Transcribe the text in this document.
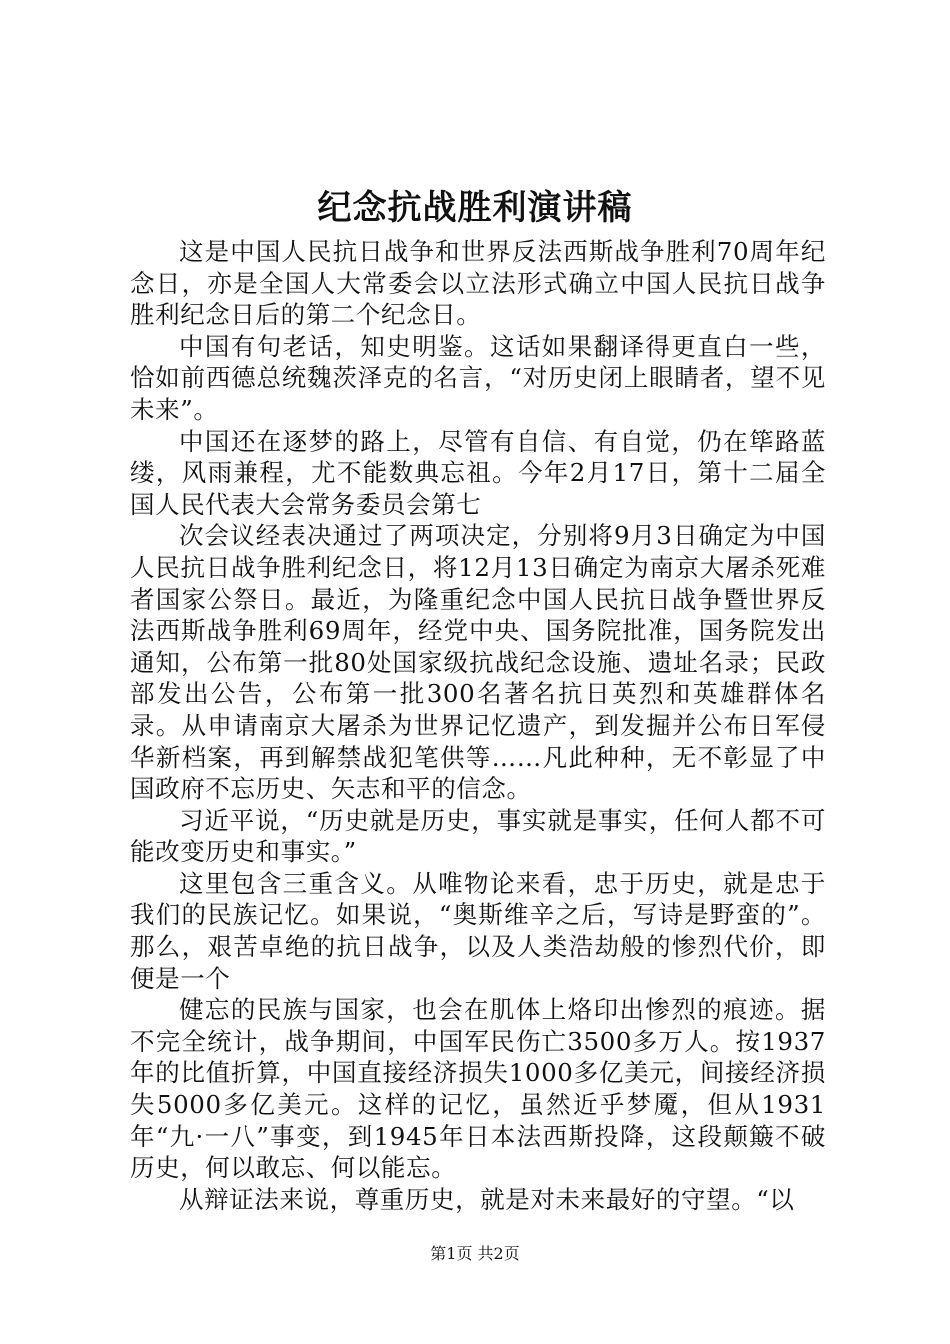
纪念抗战胜利演讲稿

这是中国人民抗日战争和世界反法西斯战争胜利70周年纪念日，亦是全国人大常委会以立法形式确立中国人民抗日战争胜利纪念日后的第二个纪念日。

中国有句老话，知史明鉴。这话如果翻译得更直白一些，恰如前西德总统魏茨泽克的名言，“对历史闭上眼睛者，望不见未来”。

中国还在逐梦的路上，尽管有自信、有自觉，仍在筚路蓝缕，风雨兼程，尤不能数典忘祖。今年2月17日，第十二届全国人民代表大会常务委员会第七

次会议经表决通过了两项决定，分别将9月3日确定为中国人民抗日战争胜利纪念日，将12月13日确定为南京大屠杀死难者国家公祭日。最近，为隆重纪念中国人民抗日战争暨世界反法西斯战争胜利69周年，经党中央、国务院批准，国务院发出通知，公布第一批80处国家级抗战纪念设施、遗址名录；民政部发出公告，公布第一批300名著名抗日英烈和英雄群体名录。从申请南京大屠杀为世界记忆遗产，到发掘并公布日军侵华新档案，再到解禁战犯笔供等……凡此种种，无不彰显了中国政府不忘历史、矢志和平的信念。

习近平说，“历史就是历史，事实就是事实，任何人都不可能改变历史和事实。”

这里包含三重含义。从唯物论来看，忠于历史，就是忠于我们的民族记忆。如果说，“奥斯维辛之后，写诗是野蛮的”。那么，艰苦卓绝的抗日战争，以及人类浩劫般的惨烈代价，即便是一个

健忘的民族与国家，也会在肌体上烙印出惨烈的痕迹。据不完全统计，战争期间，中国军民伤亡3500多万人。按1937年的比值折算，中国直接经济损失1000多亿美元，间接经济损失5000多亿美元。这样的记忆，虽然近乎梦魇，但从1931年“九·一八”事变，到1945年日本法西斯投降，这段颠簸不破历史，何以敢忘、何以能忘。

从辩证法来说，尊重历史，就是对未来最好的守望。“以

第1页 共2页
